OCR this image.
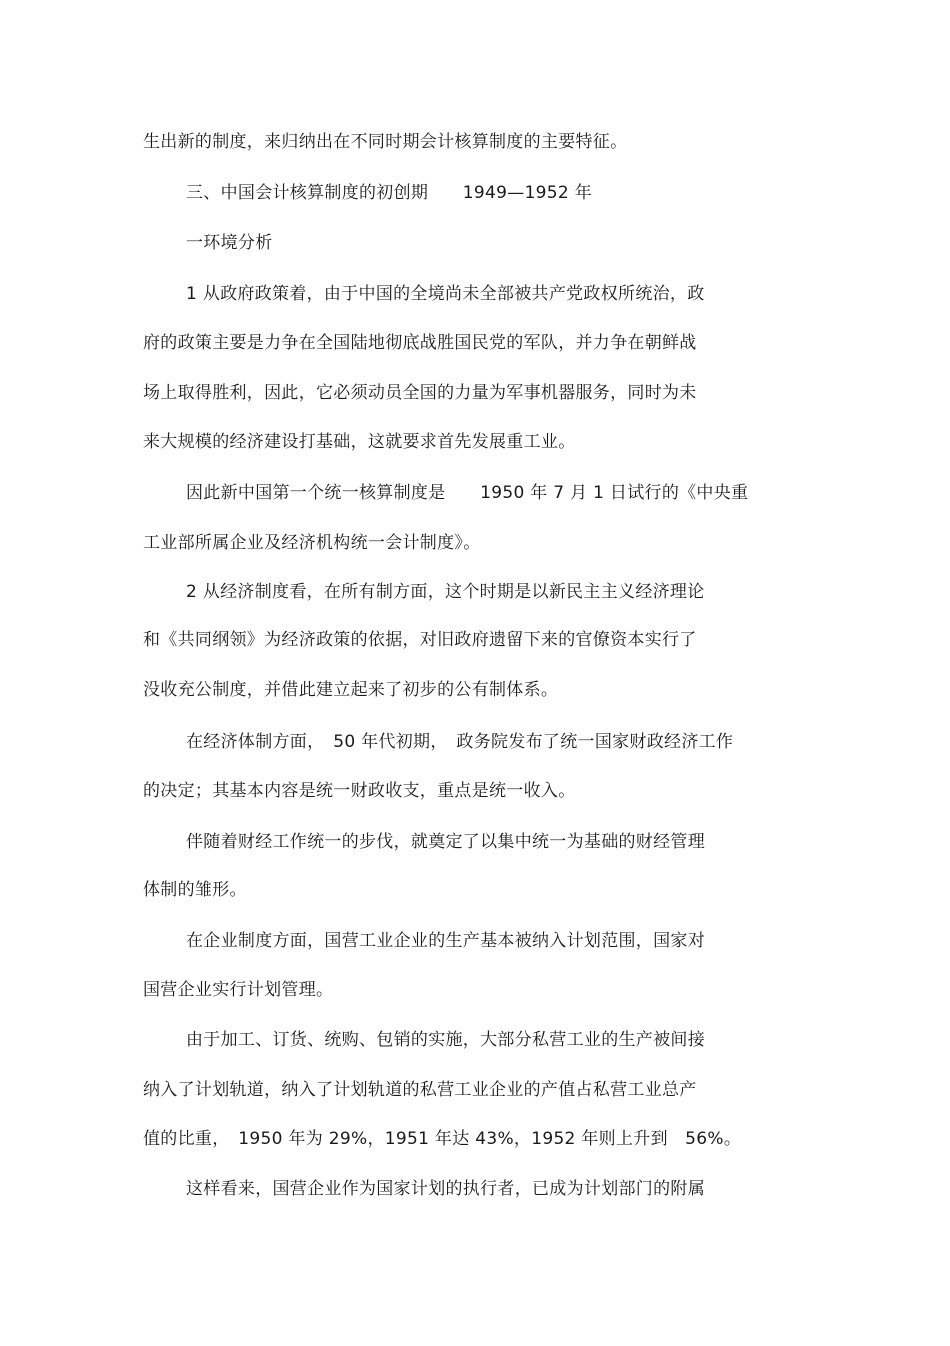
生出新的制度，来归纳出在不同时期会计核算制度的主要特征。
三、中国会计核算制度的初创期　　1949—1952 年
一环境分析
1 从政府政策着，由于中国的全境尚未全部被共产党政权所统治，政
府的政策主要是力争在全国陆地彻底战胜国民党的军队，并力争在朝鲜战
场上取得胜利，因此，它必须动员全国的力量为军事机器服务，同时为未
来大规模的经济建设打基础，这就要求首先发展重工业。
因此新中国第一个统一核算制度是　　1950 年 7 月 1 日试行的《中央重
工业部所属企业及经济机构统一会计制度》。
2 从经济制度看，在所有制方面，这个时期是以新民主主义经济理论
和《共同纲领》为经济政策的依据，对旧政府遗留下来的官僚资本实行了
没收充公制度，并借此建立起来了初步的公有制体系。
在经济体制方面，　50 年代初期，　政务院发布了统一国家财政经济工作
的决定；其基本内容是统一财政收支，重点是统一收入。
伴随着财经工作统一的步伐，就奠定了以集中统一为基础的财经管理
体制的雏形。
在企业制度方面，国营工业企业的生产基本被纳入计划范围，国家对
国营企业实行计划管理。
由于加工、订货、统购、包销的实施，大部分私营工业的生产被间接
纳入了计划轨道，纳入了计划轨道的私营工业企业的产值占私营工业总产
值的比重，　1950 年为 29%，1951 年达 43%，1952 年则上升到　56%。
这样看来，国营企业作为国家计划的执行者，已成为计划部门的附属
